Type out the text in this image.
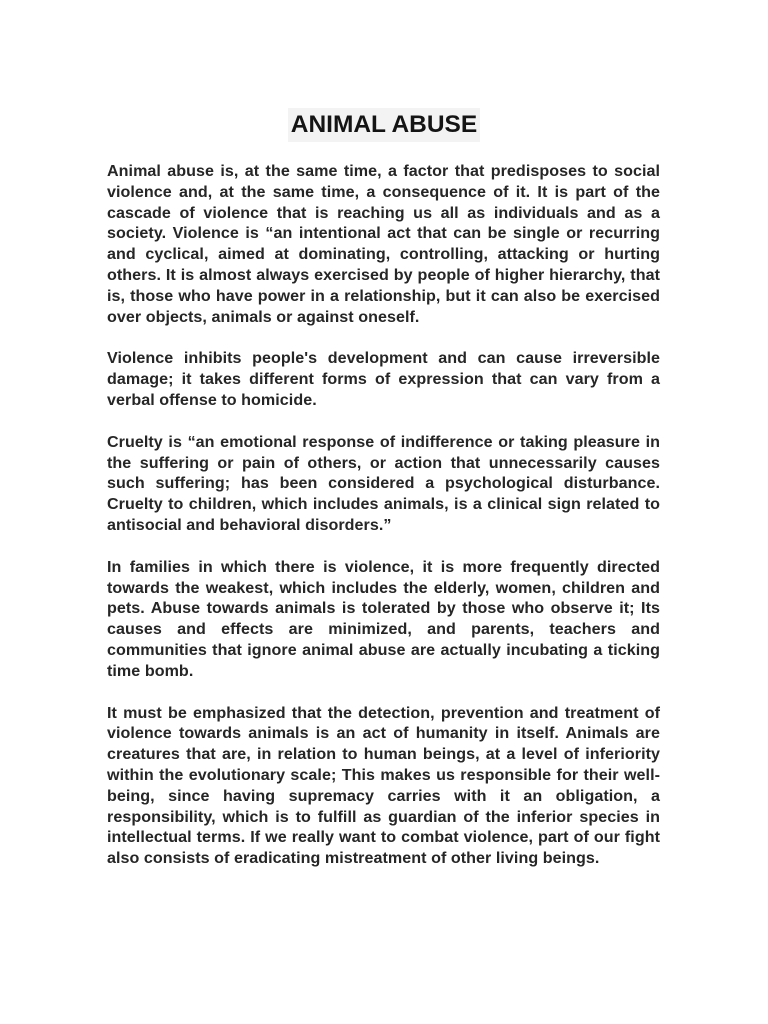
ANIMAL ABUSE

Animal abuse is, at the same time, a factor that predisposes to social violence and, at the same time, a consequence of it. It is part of the cascade of violence that is reaching us all as individuals and as a society. Violence is “an intentional act that can be single or recurring and cyclical, aimed at dominating, controlling, attacking or hurting others. It is almost always exercised by people of higher hierarchy, that is, those who have power in a relationship, but it can also be exercised over objects, animals or against oneself.

Violence inhibits people's development and can cause irreversible damage; it takes different forms of expression that can vary from a verbal offense to homicide.

Cruelty is “an emotional response of indifference or taking pleasure in the suffering or pain of others, or action that unnecessarily causes such suffering; has been considered a psychological disturbance. Cruelty to children, which includes animals, is a clinical sign related to antisocial and behavioral disorders.”

In families in which there is violence, it is more frequently directed towards the weakest, which includes the elderly, women, children and pets. Abuse towards animals is tolerated by those who observe it; Its causes and effects are minimized, and parents, teachers and communities that ignore animal abuse are actually incubating a ticking time bomb.

It must be emphasized that the detection, prevention and treatment of violence towards animals is an act of humanity in itself. Animals are creatures that are, in relation to human beings, at a level of inferiority within the evolutionary scale; This makes us responsible for their well-being, since having supremacy carries with it an obligation, a responsibility, which is to fulfill as guardian of the inferior species in intellectual terms. If we really want to combat violence, part of our fight also consists of eradicating mistreatment of other living beings.
